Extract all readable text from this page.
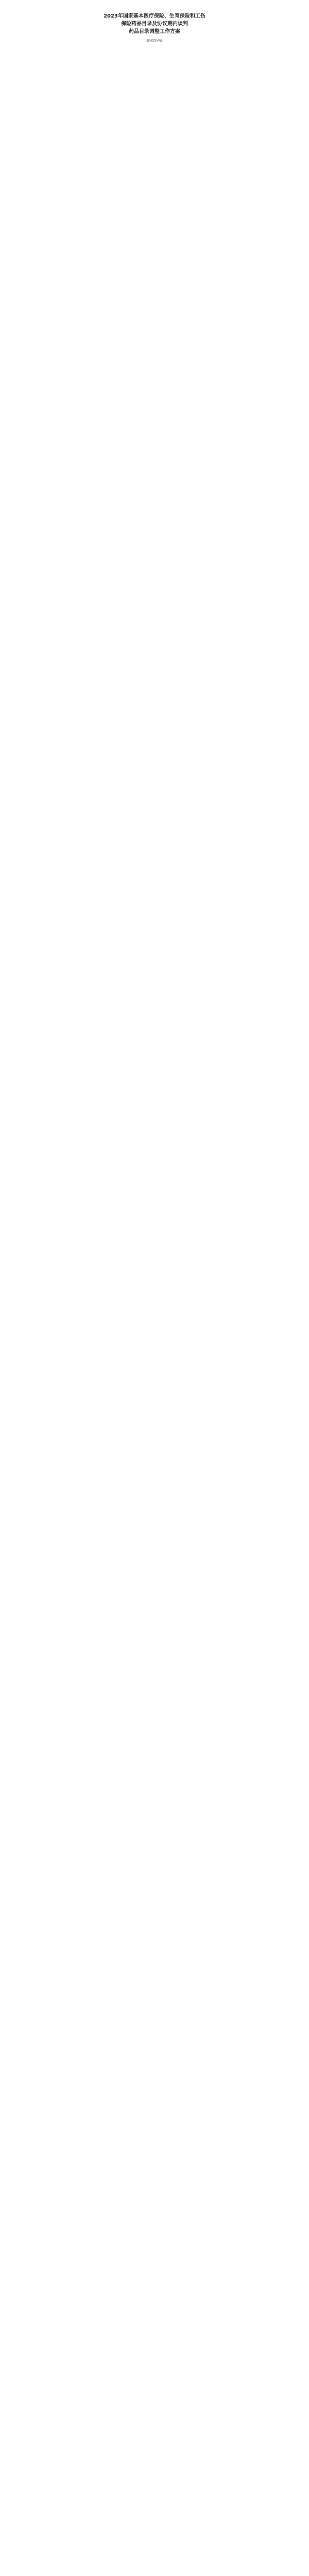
2023年国家基本医疗保险、生育保险和工伤
保险药品目录及协议期内谈判
药品目录调整工作方案
（征求意见稿）
